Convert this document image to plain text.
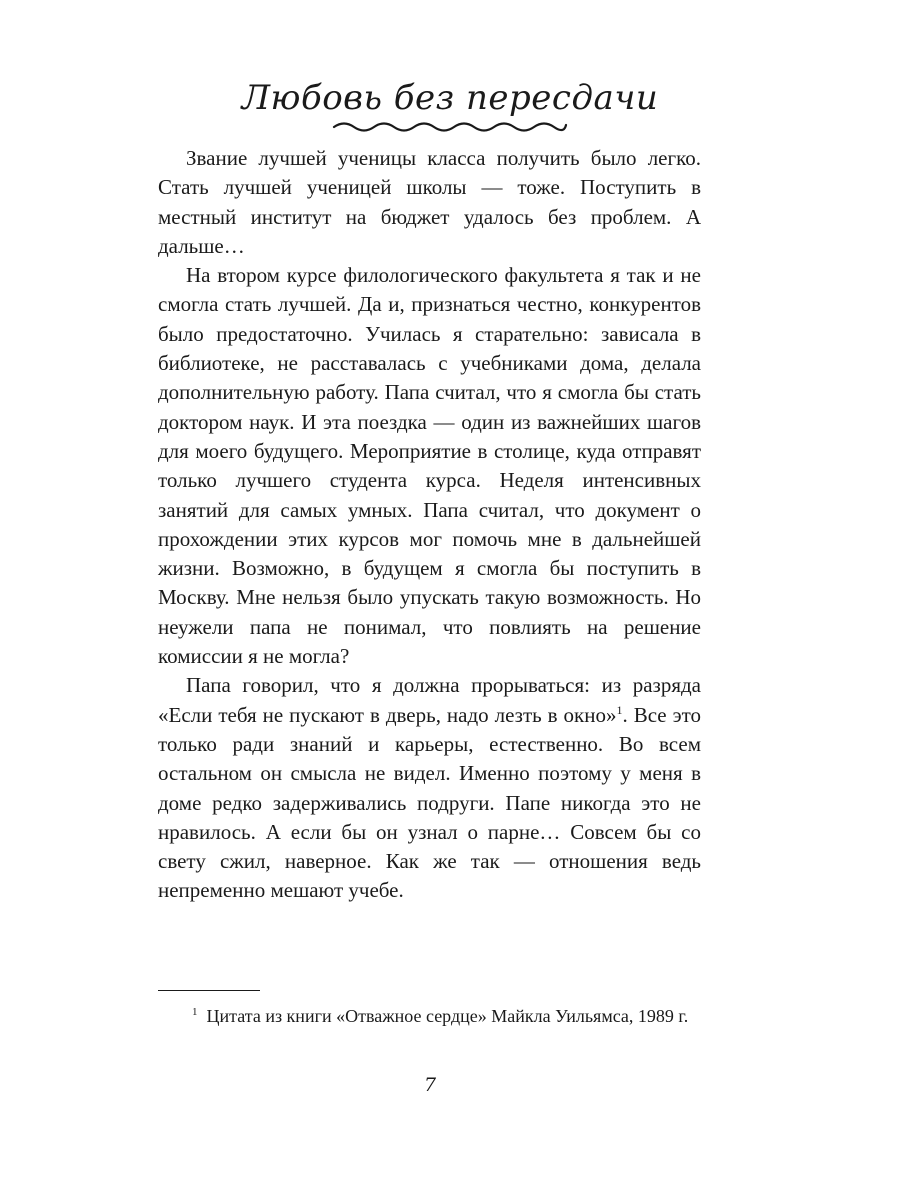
Любовь без пересдачи

Звание лучшей ученицы класса получить было легко. Стать лучшей ученицей школы — тоже. Поступить в местный институт на бюджет удалось без проблем. А дальше…

На втором курсе филологического факультета я так и не смогла стать лучшей. Да и, признаться честно, конкурентов было предостаточно. Училась я старательно: зависала в библиотеке, не расставалась с учебниками дома, делала дополнительную работу. Папа считал, что я смогла бы стать доктором наук. И эта поездка — один из важнейших шагов для моего будущего. Мероприятие в столице, куда отправят только лучшего студента курса. Неделя интенсивных занятий для самых умных. Папа считал, что документ о прохождении этих курсов мог помочь мне в дальнейшей жизни. Возможно, в будущем я смогла бы поступить в Москву. Мне нельзя было упускать такую возможность. Но неужели папа не понимал, что повлиять на решение комиссии я не могла?

Папа говорил, что я должна прорываться: из разряда «Если тебя не пускают в дверь, надо лезть в окно»$^1$. Все это только ради знаний и карьеры, естественно. Во всем остальном он смысла не видел. Именно поэтому у меня в доме редко задерживались подруги. Папе никогда это не нравилось. А если бы он узнал о парне… Совсем бы со свету сжил, наверное. Как же так — отношения ведь непременно мешают учебе.

$^1$ Цитата из книги «Отважное сердце» Майкла Уильямса, 1989 г.

7
